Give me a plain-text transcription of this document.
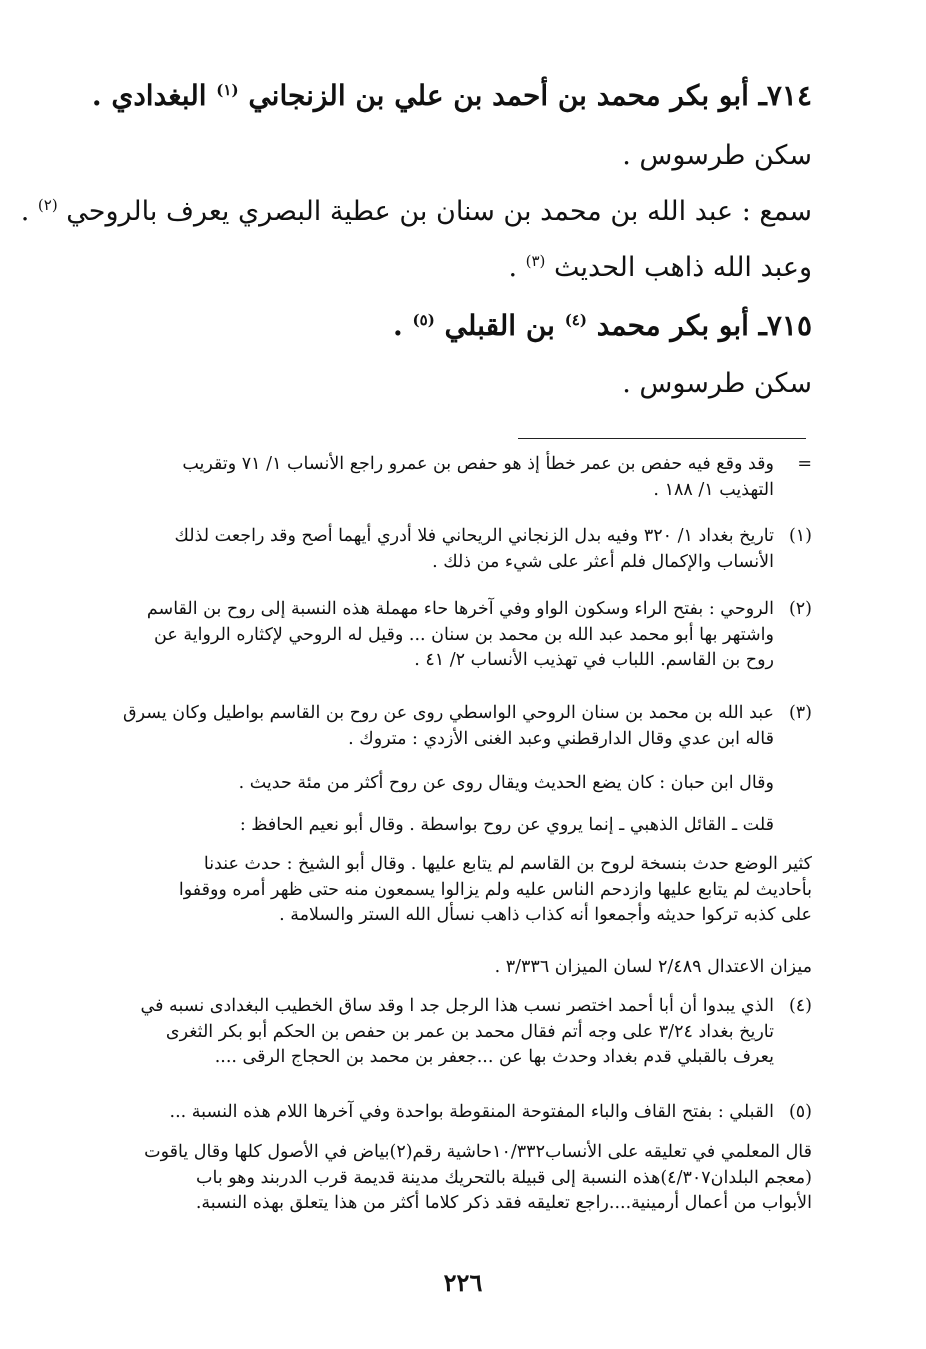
٧١٤ـ أبو بكر محمد بن أحمد بن علي بن الزنجاني $^{(١)}$ البغدادي .
سكن طرسوس .
سمع : عبد الله بن محمد بن سنان بن عطية البصري يعرف بالروحي $^{(٢)}$ .
وعبد الله ذاهب الحديث $^{(٣)}$ .
٧١٥ـ أبو بكر محمد $^{(٤)}$ بن القبلي $^{(٥)}$ .
سكن طرسوس .
=
وقد وقع فيه حفص بن عمر خطأ إذ هو حفص بن عمرو راجع الأنساب ١/ ٧١ وتقريب
التهذيب ١/ ١٨٨ .
(١)
تاريخ بغداد ١/ ٣٢٠ وفيه بدل الزنجاني الريحاني فلا أدري أيهما أصح وقد راجعت لذلك
الأنساب والإكمال فلم أعثر على شيء من ذلك .
(٢)
الروحي : بفتح الراء وسكون الواو وفي آخرها حاء مهملة هذه النسبة إلى روح بن القاسم
واشتهر بها أبو محمد عبد الله بن محمد بن سنان ... وقيل له الروحي لإكثاره الرواية عن
روح بن القاسم. اللباب في تهذيب الأنساب ٢/ ٤١ .
(٣)
عبد الله بن محمد بن سنان الروحي الواسطي روى عن روح بن القاسم بواطيل وكان يسرق
قاله ابن عدي وقال الدارقطني وعبد الغنى الأزدي : متروك .
وقال ابن حبان : كان يضع الحديث ويقال روى عن روح أكثر من مئة حديث .
قلت ـ القائل الذهبي ـ إنما يروي عن روح بواسطة . وقال أبو نعيم الحافظ :
كثير الوضع حدث بنسخة لروح بن القاسم لم يتابع عليها . وقال أبو الشيخ : حدث عندنا
بأحاديث لم يتابع عليها وازدحم الناس عليه ولم يزالوا يسمعون منه حتى ظهر أمره ووقفوا
على كذبه تركوا حديثه وأجمعوا أنه كذاب ذاهب نسأل الله الستر والسلامة .
ميزان الاعتدال ٢/٤٨٩ لسان الميزان ٣/٣٣٦ .
(٤)
الذي يبدوا أن أبا أحمد اختصر نسب هذا الرجل جد ا وقد ساق الخطيب البغدادى نسبه في
تاريخ بغداد ٣/٢٤ على وجه أتم فقال محمد بن عمر بن حفص بن الحكم أبو بكر الثغرى
يعرف بالقبلي قدم بغداد وحدث بها عن ...جعفر بن محمد بن الحجاج الرقى ....
(٥)
القبلي : بفتح القاف والباء المفتوحة المنقوطة بواحدة وفي آخرها اللام هذه النسبة ...
قال المعلمي في تعليقه على الأنساب١٠/٣٣٢حاشية رقم(٢)بياض في الأصول كلها وقال ياقوت
(معجم البلدان٤/٣٠٧)هذه النسبة إلى قبيلة بالتحريك مدينة قديمة قرب الدربند وهو باب
الأبواب من أعمال أرمينية....راجع تعليقه فقد ذكر كلاما أكثر من هذا يتعلق بهذه النسبة.
٢٢٦
